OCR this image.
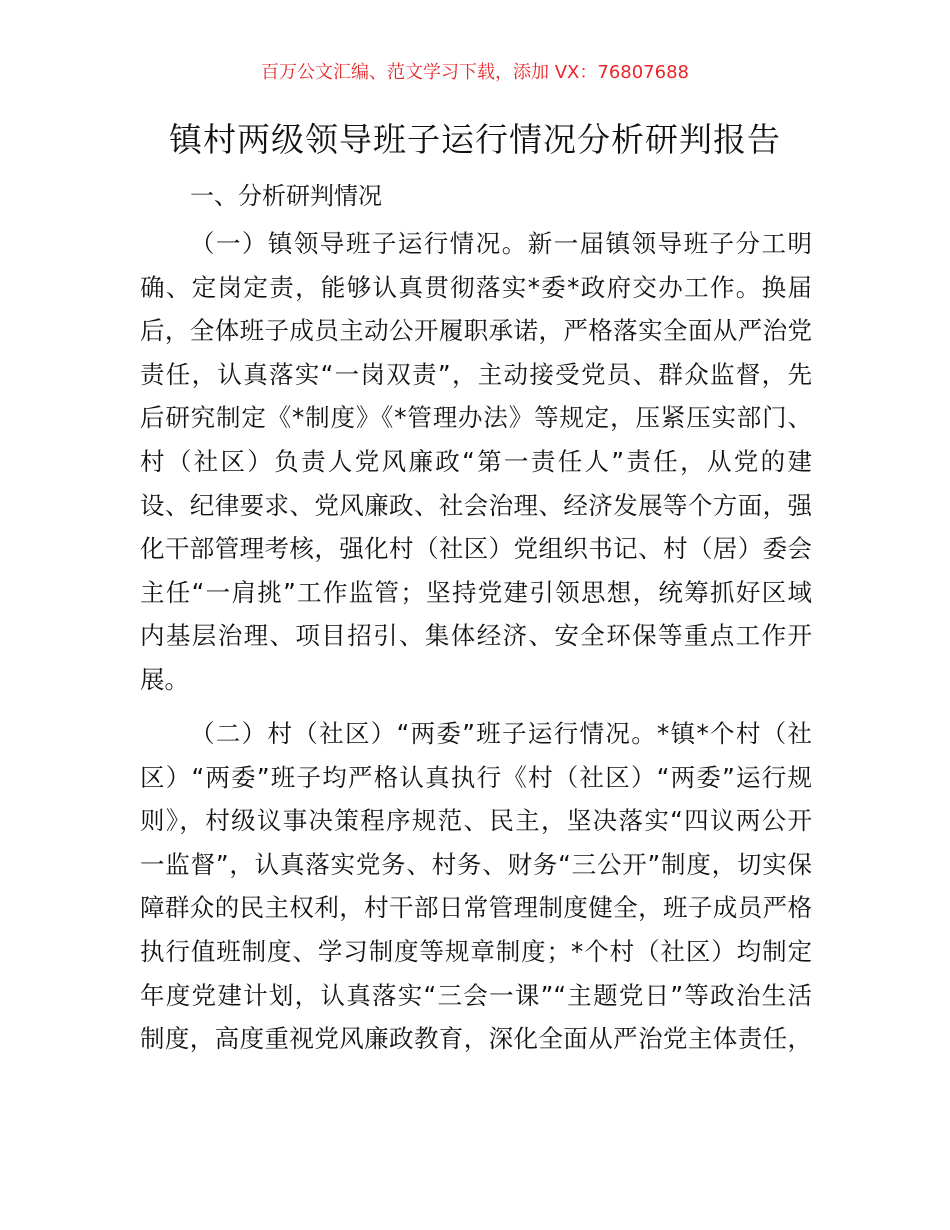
百万公文汇编、范文学习下载，添加 VX：76807688
镇村两级领导班子运行情况分析研判报告
一、分析研判情况
（一）镇领导班子运行情况。新一届镇领导班子分工明
确、定岗定责，能够认真贯彻落实*委*政府交办工作。换届
后，全体班子成员主动公开履职承诺，严格落实全面从严治党
责任，认真落实“一岗双责”，主动接受党员、群众监督，先
后研究制定《*制度》《*管理办法》等规定，压紧压实部门、
村（社区）负责人党风廉政“第一责任人”责任，从党的建
设、纪律要求、党风廉政、社会治理、经济发展等个方面，强
化干部管理考核，强化村（社区）党组织书记、村（居）委会
主任“一肩挑”工作监管；坚持党建引领思想，统筹抓好区域
内基层治理、项目招引、集体经济、安全环保等重点工作开
展。
（二）村（社区）“两委”班子运行情况。*镇*个村（社
区）“两委”班子均严格认真执行《村（社区）“两委”运行规
则》，村级议事决策程序规范、民主，坚决落实“四议两公开
一监督”，认真落实党务、村务、财务“三公开”制度，切实保
障群众的民主权利，村干部日常管理制度健全，班子成员严格
执行值班制度、学习制度等规章制度；*个村（社区）均制定
年度党建计划，认真落实“三会一课”“主题党日”等政治生活
制度，高度重视党风廉政教育，深化全面从严治党主体责任，
